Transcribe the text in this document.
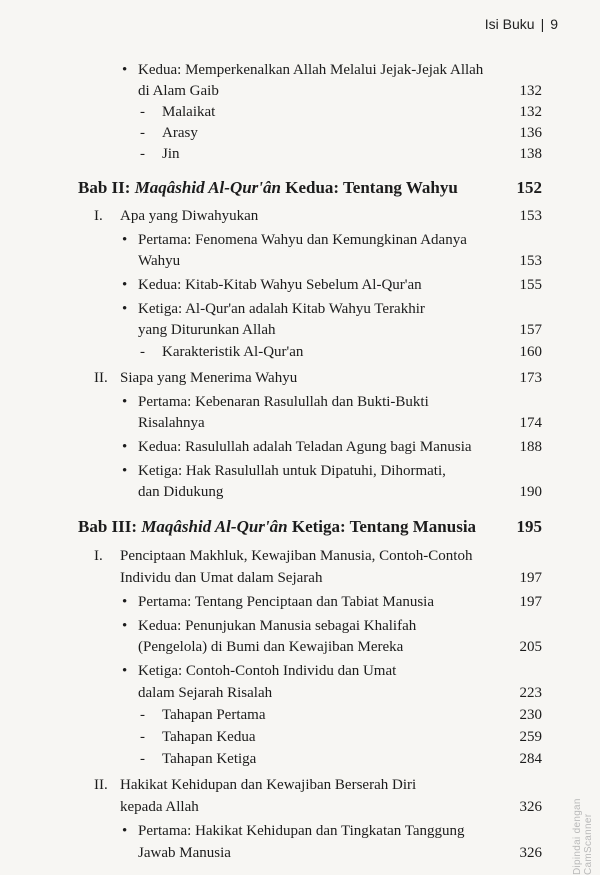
Isi Buku | 9
• Kedua: Memperkenalkan Allah Melalui Jejak-Jejak Allah
di Alam Gaib	132
- Malaikat	132
- Arasy	136
- Jin	138
Bab II: Maqâshid Al-Qur'ân Kedua: Tentang Wahyu	152
I. Apa yang Diwahyukan	153
• Pertama: Fenomena Wahyu dan Kemungkinan Adanya
Wahyu	153
• Kedua: Kitab-Kitab Wahyu Sebelum Al-Qur'an	155
• Ketiga: Al-Qur'an adalah Kitab Wahyu Terakhir
yang Diturunkan Allah	157
- Karakteristik Al-Qur'an	160
II. Siapa yang Menerima Wahyu	173
• Pertama: Kebenaran Rasulullah dan Bukti-Bukti
Risalahnya	174
• Kedua: Rasulullah adalah Teladan Agung bagi Manusia	188
• Ketiga: Hak Rasulullah untuk Dipatuhi, Dihormati,
dan Didukung	190
Bab III: Maqâshid Al-Qur'ân Ketiga: Tentang Manusia 195
I. Penciptaan Makhluk, Kewajiban Manusia, Contoh-Contoh
Individu dan Umat dalam Sejarah	197
• Pertama: Tentang Penciptaan dan Tabiat Manusia	197
• Kedua: Penunjukan Manusia sebagai Khalifah
(Pengelola) di Bumi dan Kewajiban Mereka	205
• Ketiga: Contoh-Contoh Individu dan Umat
dalam Sejarah Risalah	223
- Tahapan Pertama	230
- Tahapan Kedua	259
- Tahapan Ketiga	284
II. Hakikat Kehidupan dan Kewajiban Berserah Diri
kepada Allah	326
• Pertama: Hakikat Kehidupan dan Tingkatan Tanggung
Jawab Manusia	326	Dipindai dengan CamScanner
